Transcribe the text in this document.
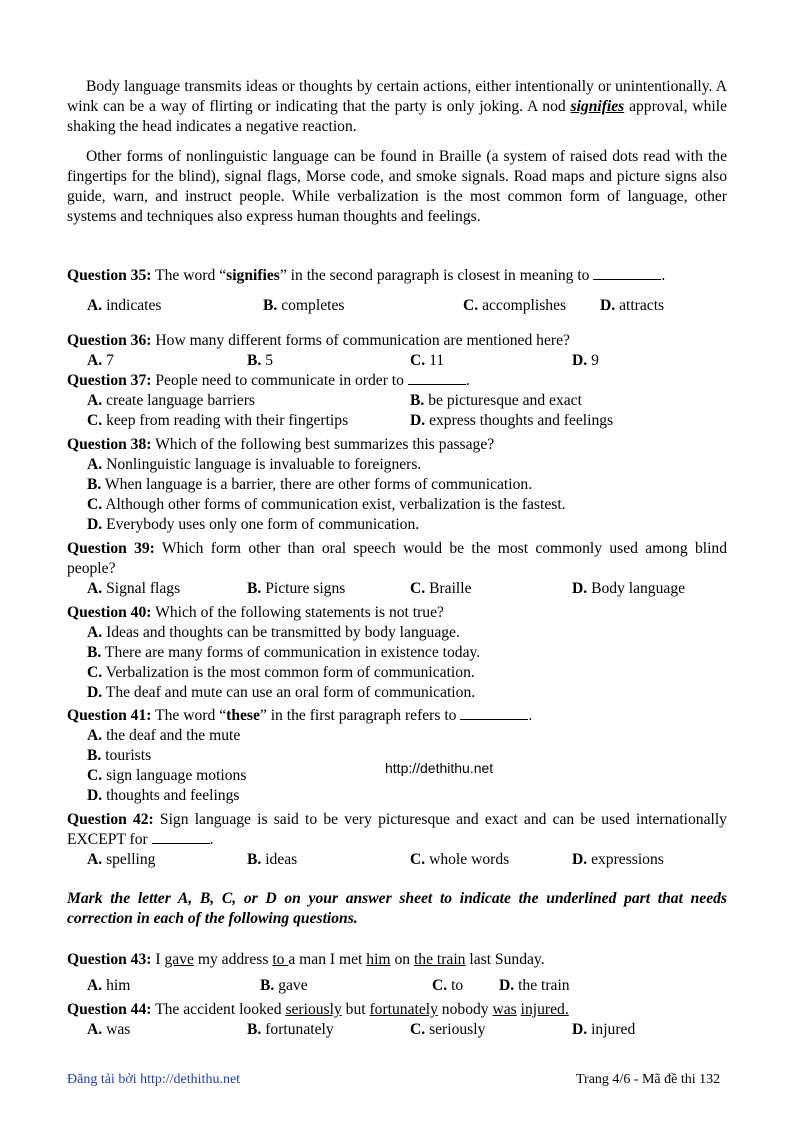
Body language transmits ideas or thoughts by certain actions, either intentionally or unintentionally. A wink can be a way of flirting or indicating that the party is only joking. A nod signifies approval, while shaking the head indicates a negative reaction.

Other forms of nonlinguistic language can be found in Braille (a system of raised dots read with the fingertips for the blind), signal flags, Morse code, and smoke signals. Road maps and picture signs also guide, warn, and instruct people. While verbalization is the most common form of language, other systems and techniques also express human thoughts and feelings.

Question 35: The word “signifies” in the second paragraph is closest in meaning to	.

A. indicates	B. completes	C. accomplishes D. attracts

Question 36: How many different forms of communication are mentioned here?

A. 7	B. 5	C. 11	D. 9

Question 37: People need to communicate in order to	.

A. create language barriers	B. be picturesque and exact
C. keep from reading with their fingertips	D. express thoughts and feelings

Question 38: Which of the following best summarizes this passage?

A. Nonlinguistic language is invaluable to foreigners.
B. When language is a barrier, there are other forms of communication.
C. Although other forms of communication exist, verbalization is the fastest.
D. Everybody uses only one form of communication.

Question 39: Which form other than oral speech would be the most commonly used among blind people?

A. Signal flags	B. Picture signs	C. Braille	D. Body language

Question 40: Which of the following statements is not true?

A. Ideas and thoughts can be transmitted by body language.
B. There are many forms of communication in existence today.
C. Verbalization is the most common form of communication.
D. The deaf and mute can use an oral form of communication.

Question 41: The word “these” in the first paragraph refers to	.

A. the deaf and the mute
B. tourists
C. sign language motions
D. thoughts and feelings

Question 42: Sign language is said to be very picturesque and exact and can be used internationally EXCEPT for	.

A. spelling	B. ideas	C. whole words	D. expressions

Mark the letter A, B, C, or D on your answer sheet to indicate the underlined part that needs correction in each of the following questions.

Question 43: I gave my address to a man I met him on the train last Sunday.

A. him	B. gave	C. to D. the train

Question 44: The accident looked seriously but fortunately nobody was injured.

A. was	B. fortunately	C. seriously	D. injured
http://dethithu.net
Đăng tải bởi http://dethithu.net	Trang 4/6 - Mã đề thi 132
